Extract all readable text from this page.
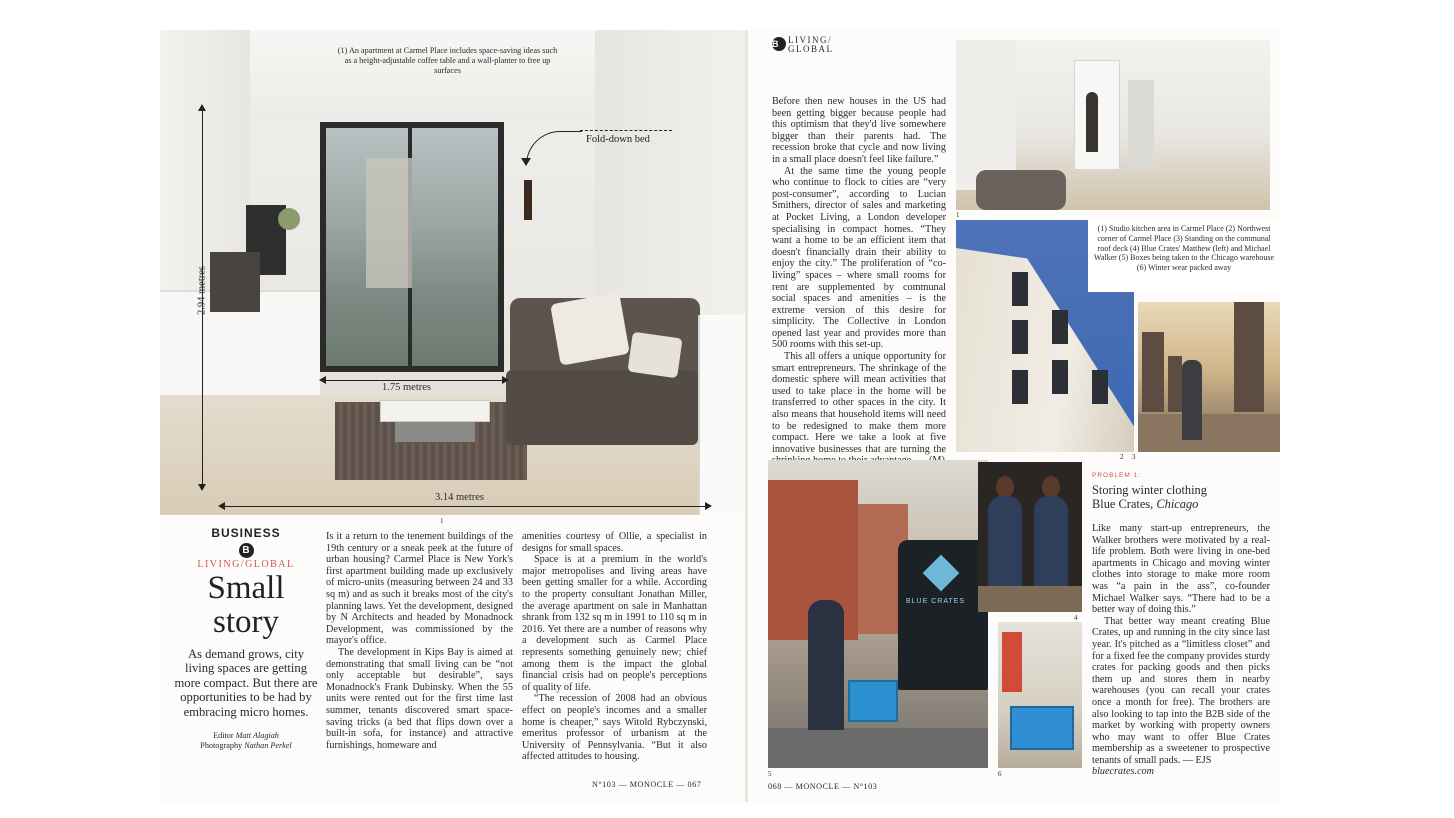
(1) An apartment at Carmel Place includes space-saving ideas such as a height-adjustable coffee table and a wall-planter to free up surfaces
Fold-down bed
2.94 metres
1.75 metres
3.14 metres
1
BUSINESS
B
LIVING/GLOBAL
Small
story
As demand grows, city living spaces are getting more compact. But there are opportunities to be had by embracing micro homes.
Editor Matt Alagiah
Photography Nathan Perkel

Is it a return to the tenement buildings of the 19th century or a sneak peek at the future of urban housing? Carmel Place is New York's first apartment building made up exclusively of micro-units (measuring between 24 and 33 sq m) and as such it breaks most of the city's planning laws. Yet the development, designed by N Architects and headed by Monadnock Development, was commissioned by the mayor's office.

The development in Kips Bay is aimed at demonstrating that small living can be “not only acceptable but desirable”, says Monadnock's Frank Dubinsky. When the 55 units were rented out for the first time last summer, tenants discovered smart space-saving tricks (a bed that flips down over a built-in sofa, for instance) and attractive furnishings, homeware and

amenities courtesy of Ollie, a specialist in designs for small spaces.

Space is at a premium in the world's major metropolises and living areas have been getting smaller for a while. According to the property consultant Jonathan Miller, the average apartment on sale in Manhattan shrank from 132 sq m in 1991 to 110 sq m in 2016. Yet there are a number of reasons why a development such as Carmel Place represents something genuinely new; chief among them is the impact the global financial crisis had on people's perceptions of quality of life.

“The recession of 2008 had an obvious effect on people's incomes and a smaller home is cheaper,” says Witold Rybczynski, emeritus professor of urbanism at the University of Pennsylvania. “But it also affected attitudes to housing.

N°103 — MONOCLE — 067
B LIVING/
GLOBAL

Before then new houses in the US had been getting bigger because people had this optimism that they'd live somewhere bigger than their parents had. The recession broke that cycle and now living in a small place doesn't feel like failure.”

At the same time the young people who continue to flock to cities are “very post-consumer”, according to Lucian Smithers, director of sales and marketing at Pocket Living, a London developer specialising in compact homes. “They want a home to be an efficient item that doesn't financially drain their ability to enjoy the city.” The proliferation of “co-living” spaces – where small rooms for rent are supplemented by communal social spaces and amenities – is the extreme version of this desire for simplicity. The Collective in London opened last year and provides more than 500 rooms with this set-up.

This all offers a unique opportunity for smart entrepreneurs. The shrinkage of the domestic sphere will mean activities that used to take place in the home will be transferred to other spaces in the city. It also means that household items will need to be redesigned to make them more compact. Here we take a look at five innovative businesses that are turning the

1
(1) Studio kitchen area in Carmel Place (2) Northwest corner of Carmel Place (3) Standing on the communal roof deck (4) Blue Crates' Matthew (left) and Michael Walker (5) Boxes being taken to the Chicago warehouse (6) Winter wear packed away
2 3
BLUE CRATES
5
4
6
PROBLEM 1:
Storing winter clothing
Blue Crates, Chicago

Like many start-up entrepreneurs, the Walker brothers were motivated by a real-life problem. Both were living in one-bed apartments in Chicago and moving winter clothes into storage to make more room was “a pain in the ass”, co-founder Michael Walker says. “There had to be a better way of doing this.”

That better way meant creating Blue Crates, up and running in the city since last year. It's pitched as a “limitless closet” and for a fixed fee the company provides sturdy crates for packing goods and then picks them up and stores them in nearby warehouses (you can recall your crates once a month for free). The brothers are also looking to tap into the B2B side of the market by working with property owners who may want to offer Blue Crates membership as a sweetener to prospective tenants of small pads. — EJS

bluecrates.com
068 — MONOCLE — N°103
